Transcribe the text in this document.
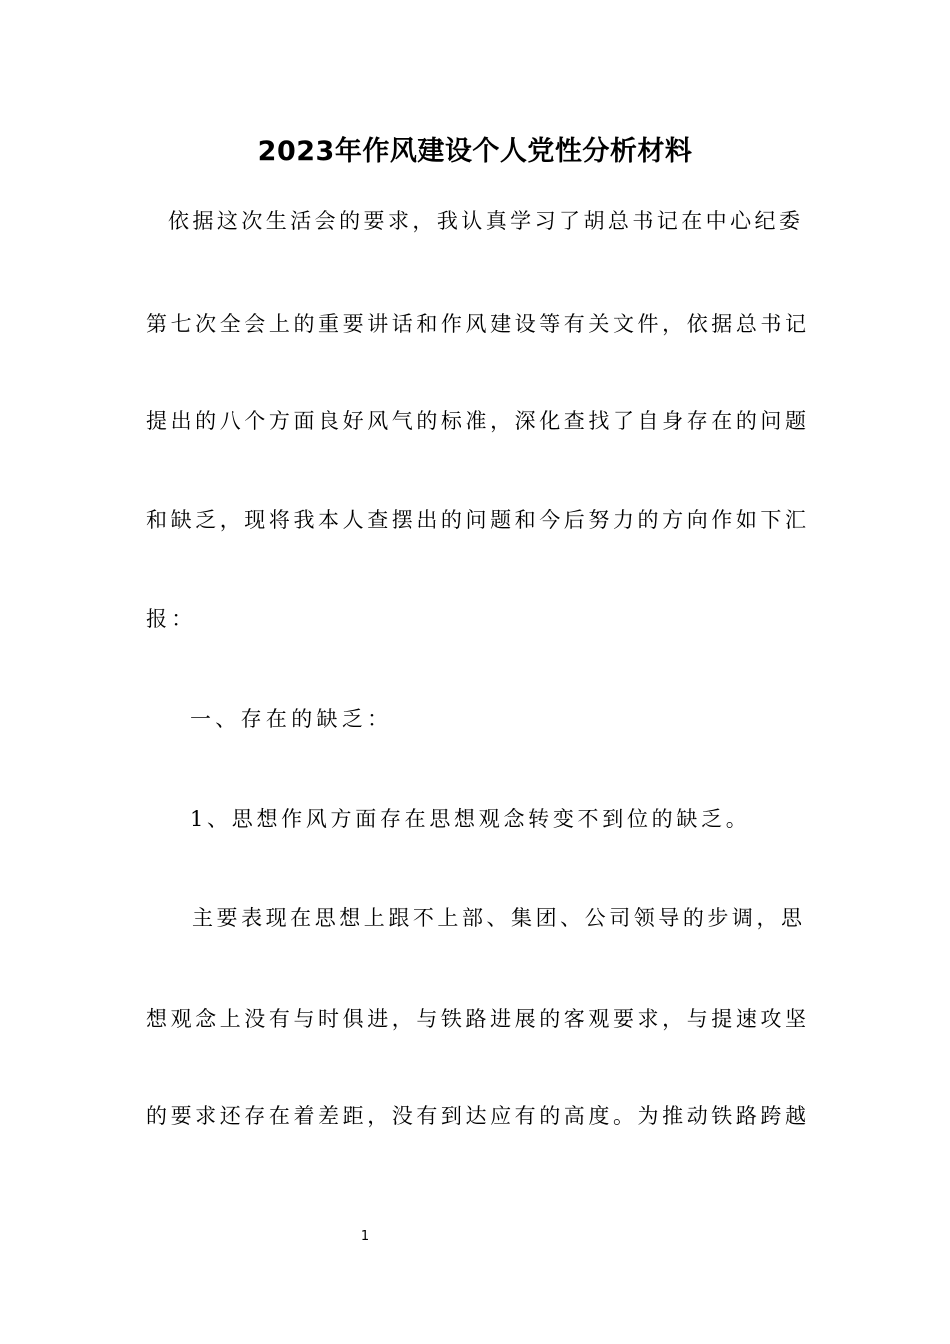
2023年作风建设个人党性分析材料
依据这次生活会的要求，我认真学习了胡总书记在中心纪委
第七次全会上的重要讲话和作风建设等有关文件，依据总书记
提出的八个方面良好风气的标准，深化查找了自身存在的问题
和缺乏，现将我本人查摆出的问题和今后努力的方向作如下汇
报：
一、存在的缺乏：
1、思想作风方面存在思想观念转变不到位的缺乏。
主要表现在思想上跟不上部、集团、公司领导的步调，思
想观念上没有与时俱进，与铁路进展的客观要求，与提速攻坚
的要求还存在着差距，没有到达应有的高度。为推动铁路跨越
1
